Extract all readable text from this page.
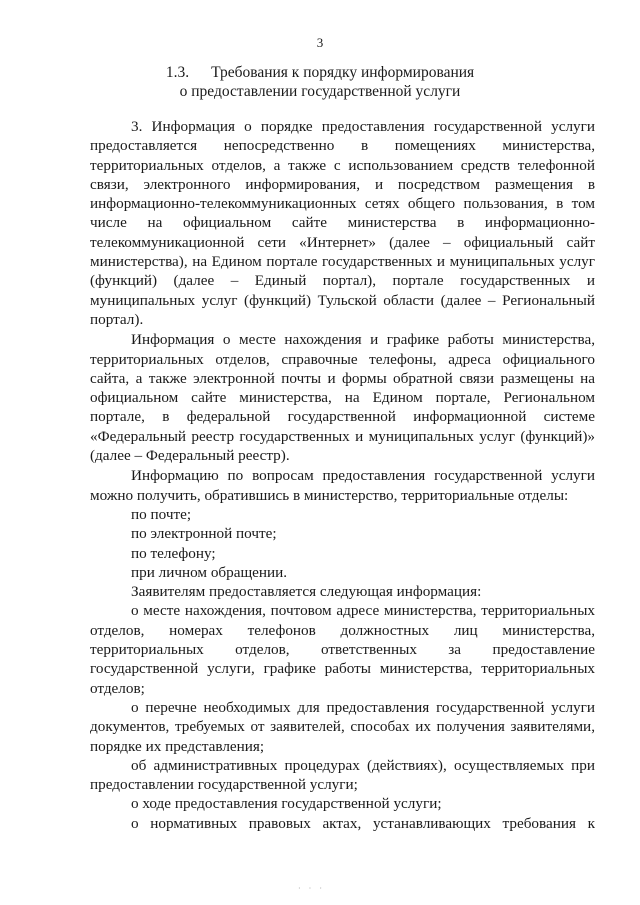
3
1.3. Требования к порядку информирования
о предоставлении государственной услуги

3. Информация о порядке предоставления государственной услуги предоставляется непосредственно в помещениях министерства, территориальных отделов, а также с использованием средств телефонной связи, электронного информирования, и посредством размещения в информационно-телекоммуникационных сетях общего пользования, в том числе на официальном сайте министерства в информационно-телекоммуникационной сети «Интернет» (далее – официальный сайт министерства), на Едином портале государственных и муниципальных услуг (функций) (далее – Единый портал), портале государственных и муниципальных услуг (функций) Тульской области (далее – Региональный портал).

Информация о месте нахождения и графике работы министерства, территориальных отделов, справочные телефоны, адреса официального сайта, а также электронной почты и формы обратной связи размещены на официальном сайте министерства, на Едином портале, Региональном портале, в федеральной государственной информационной системе «Федеральный реестр государственных и муниципальных услуг (функций)» (далее – Федеральный реестр).

Информацию по вопросам предоставления государственной услуги можно получить, обратившись в министерство, территориальные отделы:

по почте;

по электронной почте;

по телефону;

при личном обращении.

Заявителям предоставляется следующая информация:

о месте нахождения, почтовом адресе министерства, территориальных отделов, номерах телефонов должностных лиц министерства, территориальных отделов, ответственных за предоставление государственной услуги, графике работы министерства, территориальных отделов;

о перечне необходимых для предоставления государственной услуги документов, требуемых от заявителей, способах их получения заявителями, порядке их представления;

об административных процедурах (действиях), осуществляемых при предоставлении государственной услуги;

о ходе предоставления государственной услуги;

о нормативных правовых актах, устанавливающих требования к

· · ·
